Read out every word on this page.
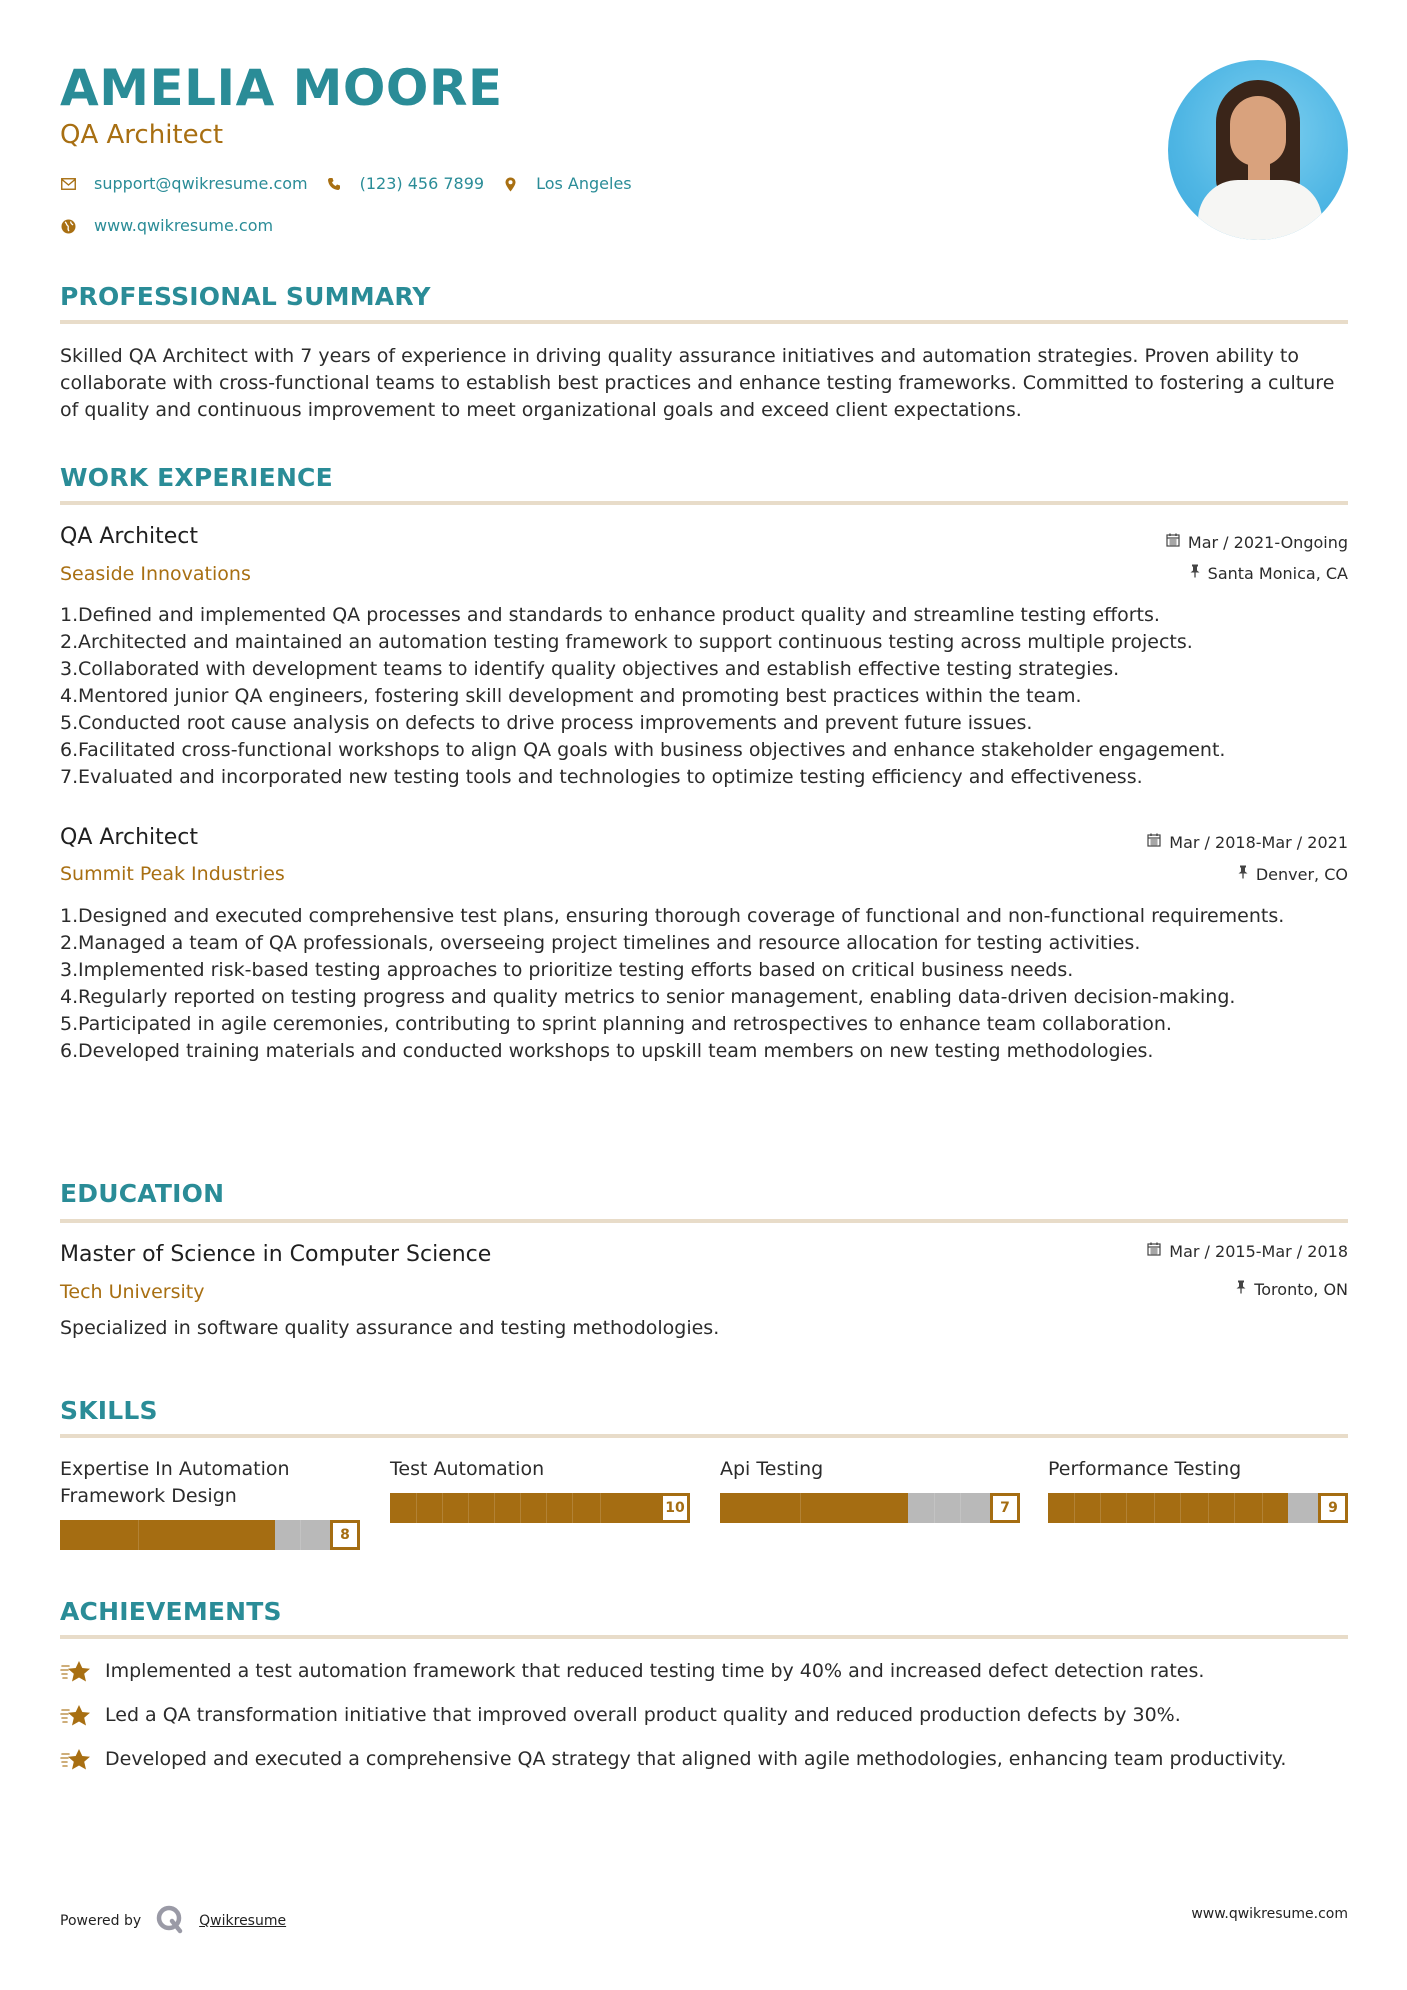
AMELIA MOORE
QA Architect
support@qwikresume.com	(123) 456 7899	Los Angeles
www.qwikresume.com
PROFESSIONAL SUMMARY
Skilled QA Architect with 7 years of experience in driving quality assurance initiatives and automation strategies. Proven ability to collaborate with cross-functional teams to establish best practices and enhance testing frameworks. Committed to fostering a culture of quality and continuous improvement to meet organizational goals and exceed client expectations.
WORK EXPERIENCE
QA Architect
Seaside Innovations
Mar / 2021-Ongoing
Santa Monica, CA
1. Defined and implemented QA processes and standards to enhance product quality and streamline testing efforts.
2. Architected and maintained an automation testing framework to support continuous testing across multiple projects.
3. Collaborated with development teams to identify quality objectives and establish effective testing strategies.
4. Mentored junior QA engineers, fostering skill development and promoting best practices within the team.
5. Conducted root cause analysis on defects to drive process improvements and prevent future issues.
6. Facilitated cross-functional workshops to align QA goals with business objectives and enhance stakeholder engagement.
7. Evaluated and incorporated new testing tools and technologies to optimize testing efficiency and effectiveness.
QA Architect
Summit Peak Industries
Mar / 2018-Mar / 2021
Denver, CO
1. Designed and executed comprehensive test plans, ensuring thorough coverage of functional and non-functional requirements.
2. Managed a team of QA professionals, overseeing project timelines and resource allocation for testing activities.
3. Implemented risk-based testing approaches to prioritize testing efforts based on critical business needs.
4. Regularly reported on testing progress and quality metrics to senior management, enabling data-driven decision-making.
5. Participated in agile ceremonies, contributing to sprint planning and retrospectives to enhance team collaboration.
6. Developed training materials and conducted workshops to upskill team members on new testing methodologies.
EDUCATION
Master of Science in Computer Science
Tech University
Mar / 2015-Mar / 2018
Toronto, ON
Specialized in software quality assurance and testing methodologies.
SKILLS
Expertise In Automation Framework Design
8
Test Automation
10
Api Testing
7
Performance Testing
9
ACHIEVEMENTS
Implemented a test automation framework that reduced testing time by 40% and increased defect detection rates.
Led a QA transformation initiative that improved overall product quality and reduced production defects by 30%.
Developed and executed a comprehensive QA strategy that aligned with agile methodologies, enhancing team productivity.
Powered by	Qwikresume	www.qwikresume.com
